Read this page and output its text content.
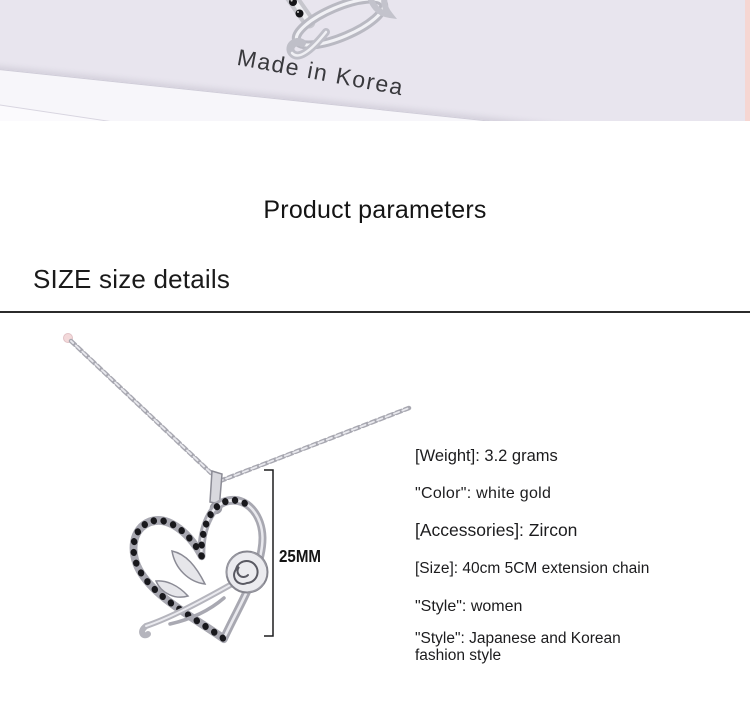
Made in Korea
Product parameters
SIZE size details
25MM
[Weight]: 3.2 grams
"Color": white gold
[Accessories]: Zircon
[Size]: 40cm 5CM extension chain
"Style": women
"Style": Japanese and Korean fashion style
